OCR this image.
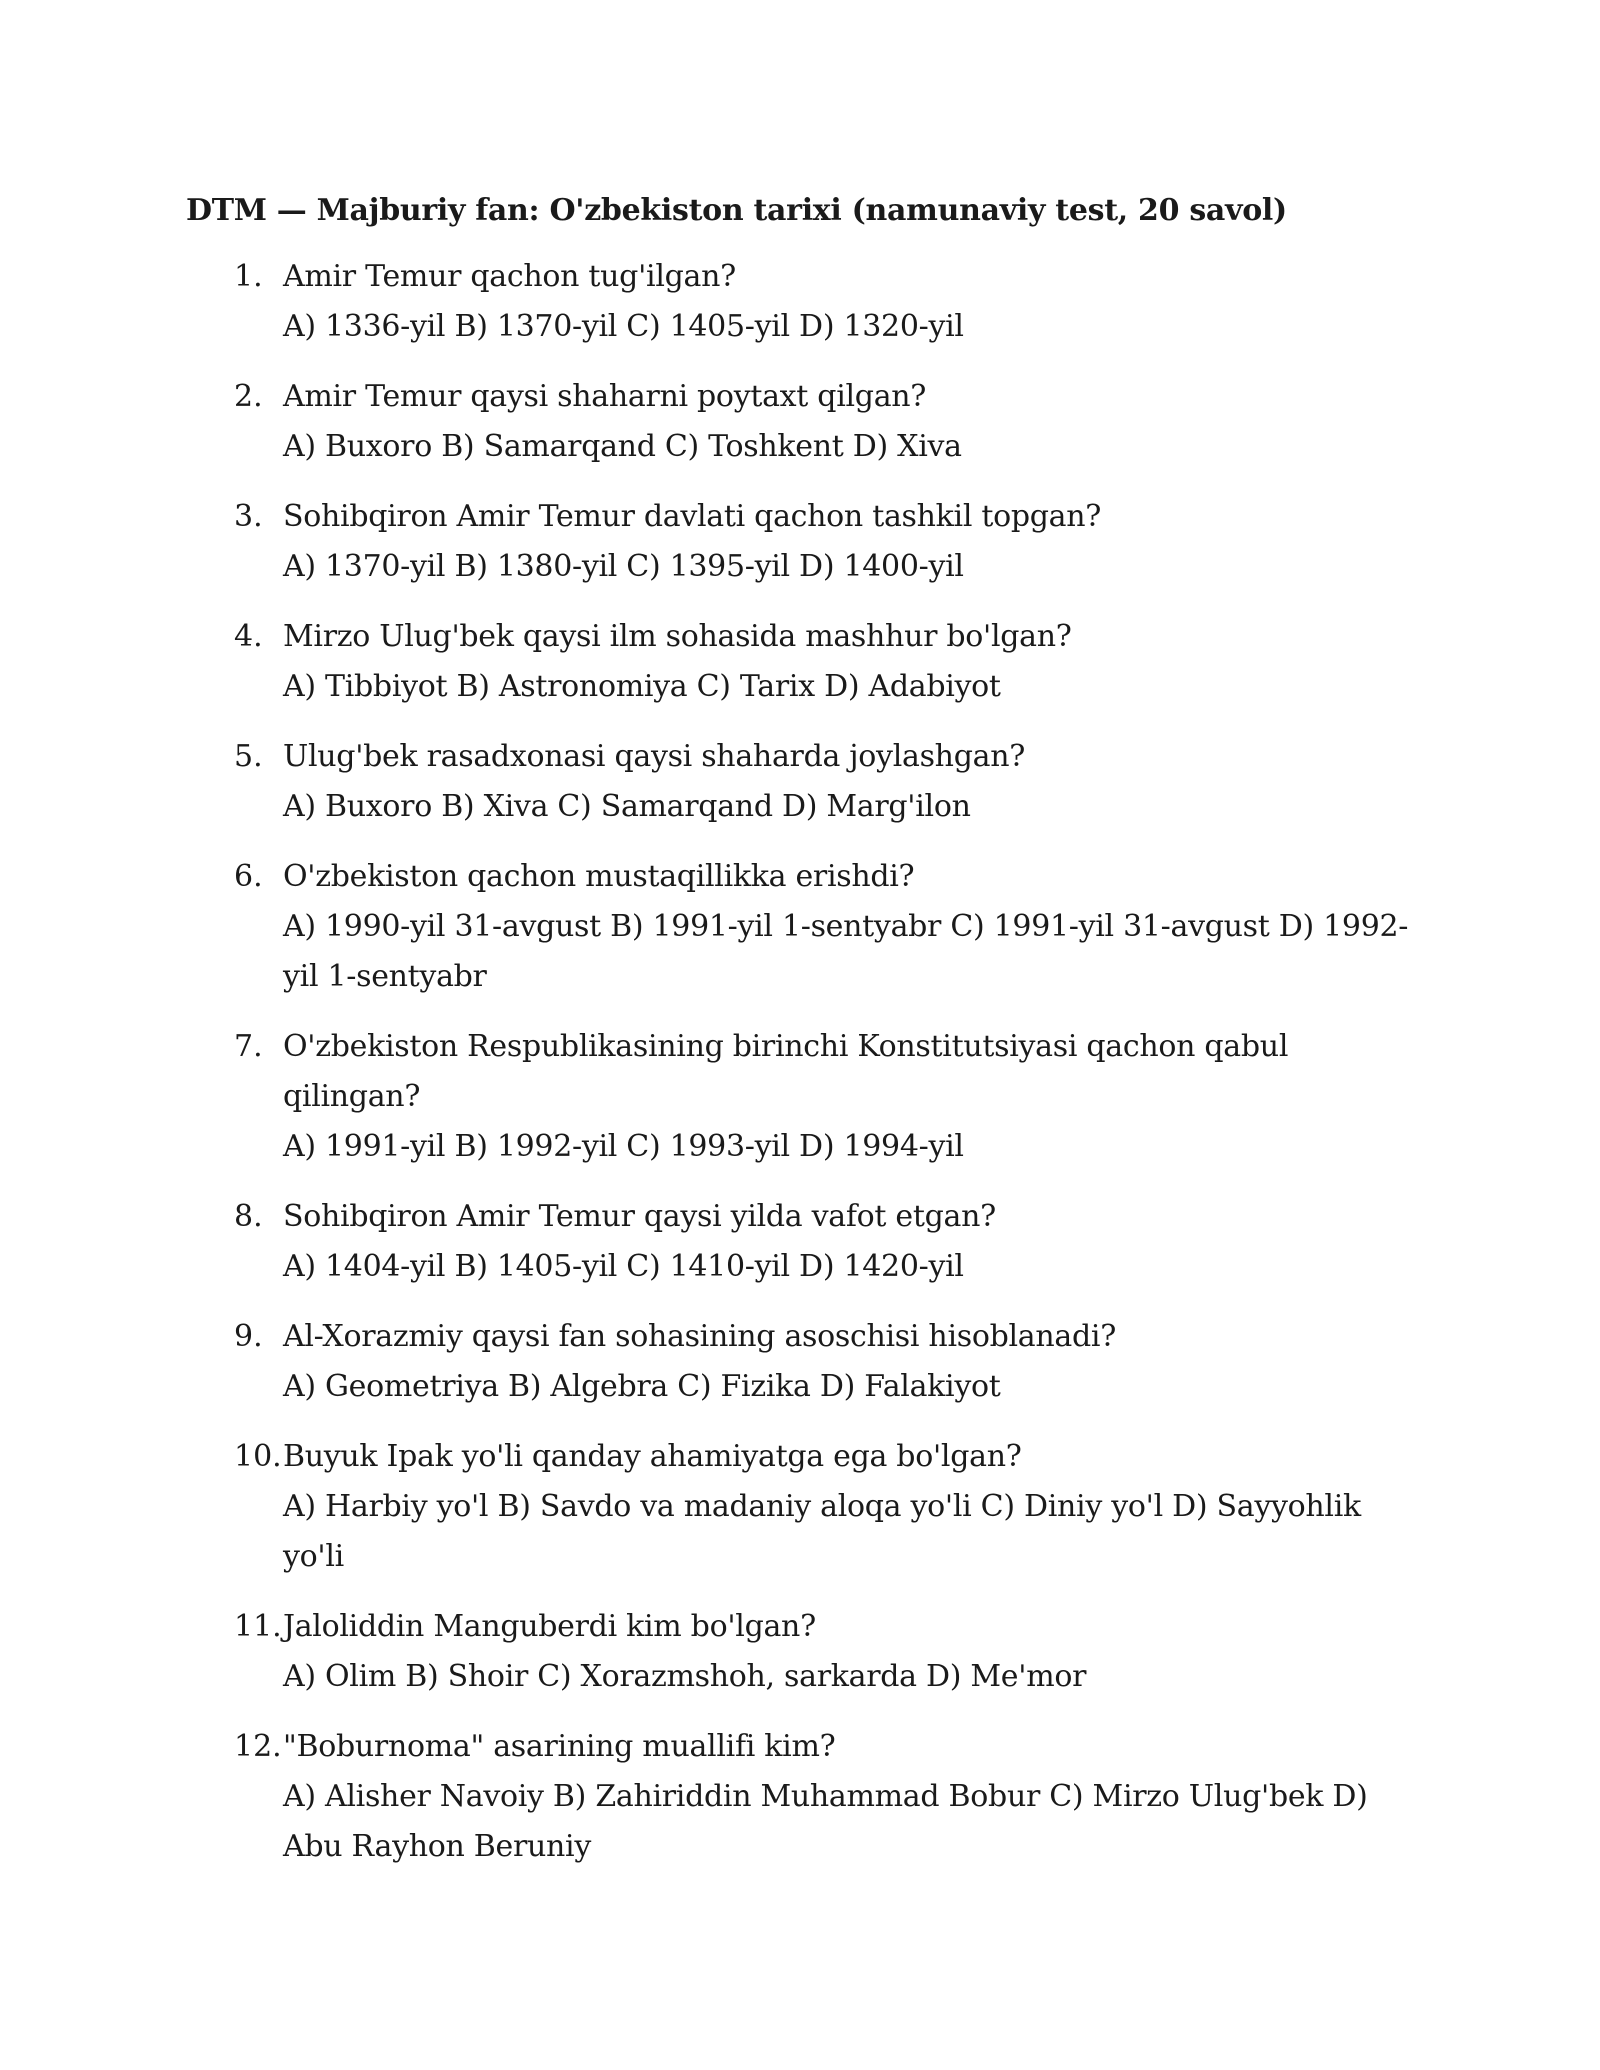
DTM — Majburiy fan: O'zbekiston tarixi (namunaviy test, 20 savol)
1. Amir Temur qachon tug'ilgan?
A) 1336-yil B) 1370-yil C) 1405-yil D) 1320-yil
2. Amir Temur qaysi shaharni poytaxt qilgan?
A) Buxoro B) Samarqand C) Toshkent D) Xiva
3. Sohibqiron Amir Temur davlati qachon tashkil topgan?
A) 1370-yil B) 1380-yil C) 1395-yil D) 1400-yil
4. Mirzo Ulug'bek qaysi ilm sohasida mashhur bo'lgan?
A) Tibbiyot B) Astronomiya C) Tarix D) Adabiyot
5. Ulug'bek rasadxonasi qaysi shaharda joylashgan?
A) Buxoro B) Xiva C) Samarqand D) Marg'ilon
6. O'zbekiston qachon mustaqillikka erishdi?
A) 1990-yil 31-avgust B) 1991-yil 1-sentyabr C) 1991-yil 31-avgust D) 1992-yil 1-sentyabr
7. O'zbekiston Respublikasining birinchi Konstitutsiyasi qachon qabul qilingan?
A) 1991-yil B) 1992-yil C) 1993-yil D) 1994-yil
8. Sohibqiron Amir Temur qaysi yilda vafot etgan?
A) 1404-yil B) 1405-yil C) 1410-yil D) 1420-yil
9. Al-Xorazmiy qaysi fan sohasining asoschisi hisoblanadi?
A) Geometriya B) Algebra C) Fizika D) Falakiyot
10. Buyuk Ipak yo'li qanday ahamiyatga ega bo'lgan?
A) Harbiy yo'l B) Savdo va madaniy aloqa yo'li C) Diniy yo'l D) Sayyohlik yo'li
11. Jaloliddin Manguberdi kim bo'lgan?
A) Olim B) Shoir C) Xorazmshoh, sarkarda D) Me'mor
12. "Boburnoma" asarining muallifi kim?
A) Alisher Navoiy B) Zahiriddin Muhammad Bobur C) Mirzo Ulug'bek D) Abu Rayhon Beruniy
